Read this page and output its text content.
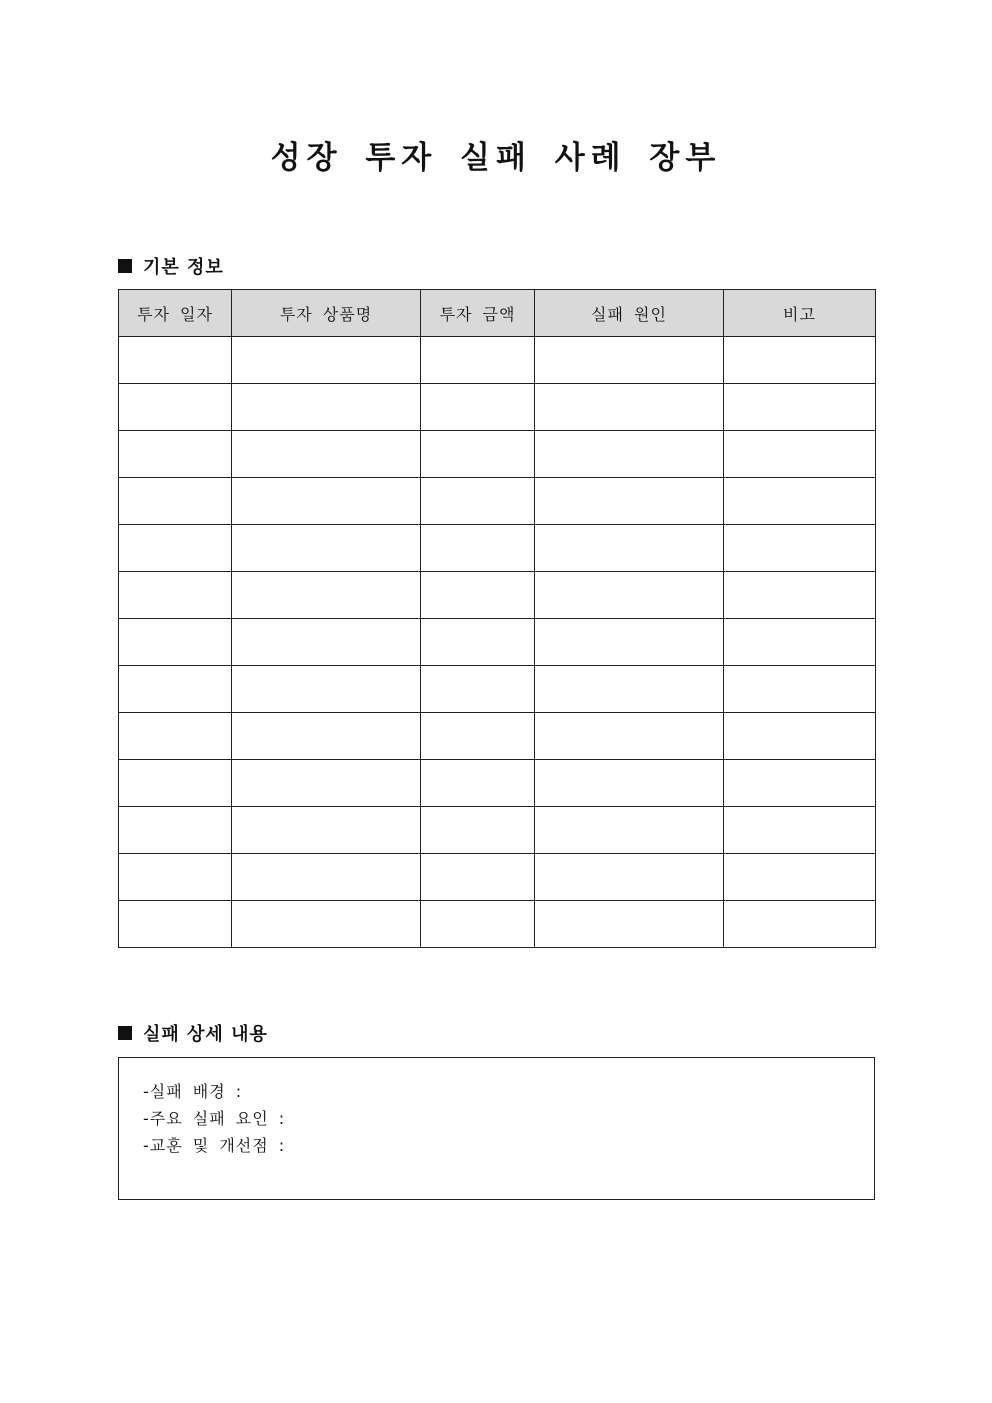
성장 투자 실패 사례 장부
기본 정보
투자 일자	투자 상품명	투자 금액	실패 원인	비고

실패 상세 내용
-실패 배경 :
-주요 실패 요인 :
-교훈 및 개선점 :
